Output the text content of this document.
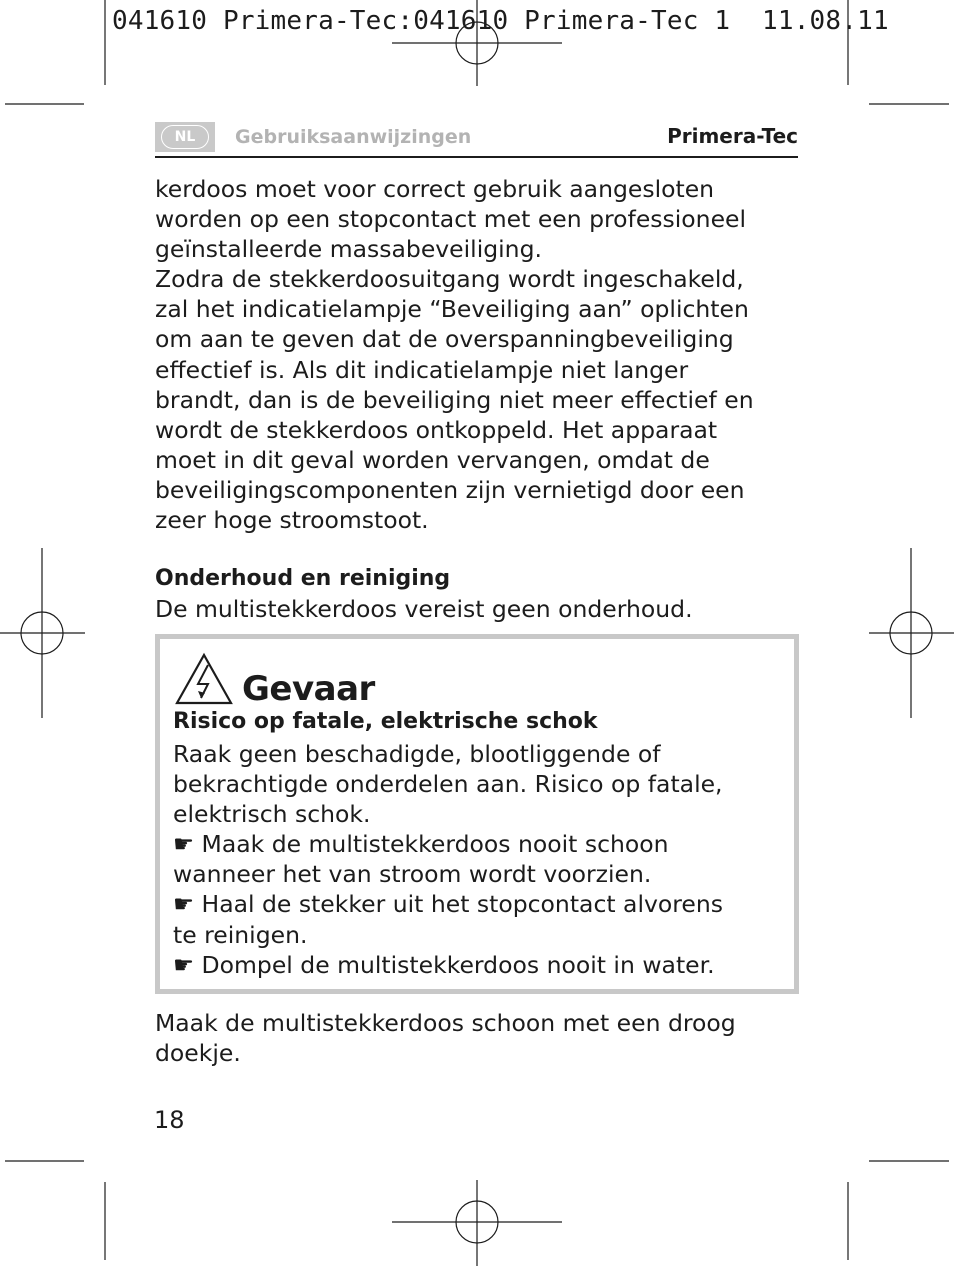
041610 Primera-Tec:041610 Primera-Tec 1  11.08.11
NL	Gebruiksaanwijzingen	Primera-Tec
kerdoos moet voor correct gebruik aangesloten
worden op een stopcontact met een professioneel
geïnstalleerde massabeveiliging.
Zodra de stekkerdoosuitgang wordt ingeschakeld,
zal het indicatielampje “Beveiliging aan” oplichten
om aan te geven dat de overspanningbeveiliging
effectief is. Als dit indicatielampje niet langer
brandt, dan is de beveiliging niet meer effectief en
wordt de stekkerdoos ontkoppeld. Het apparaat
moet in dit geval worden vervangen, omdat de
beveiligingscomponenten zijn vernietigd door een
zeer hoge stroomstoot.
Onderhoud en reiniging
De multistekkerdoos vereist geen onderhoud.
Gevaar
Risico op fatale, elektrische schok
Raak geen beschadigde, blootliggende of
bekrachtigde onderdelen aan. Risico op fatale,
elektrisch schok.
☛ Maak de multistekkerdoos nooit schoon
wanneer het van stroom wordt voorzien.
☛ Haal de stekker uit het stopcontact alvorens
te reinigen.
☛ Dompel de multistekkerdoos nooit in water.
Maak de multistekkerdoos schoon met een droog
doekje.
18
